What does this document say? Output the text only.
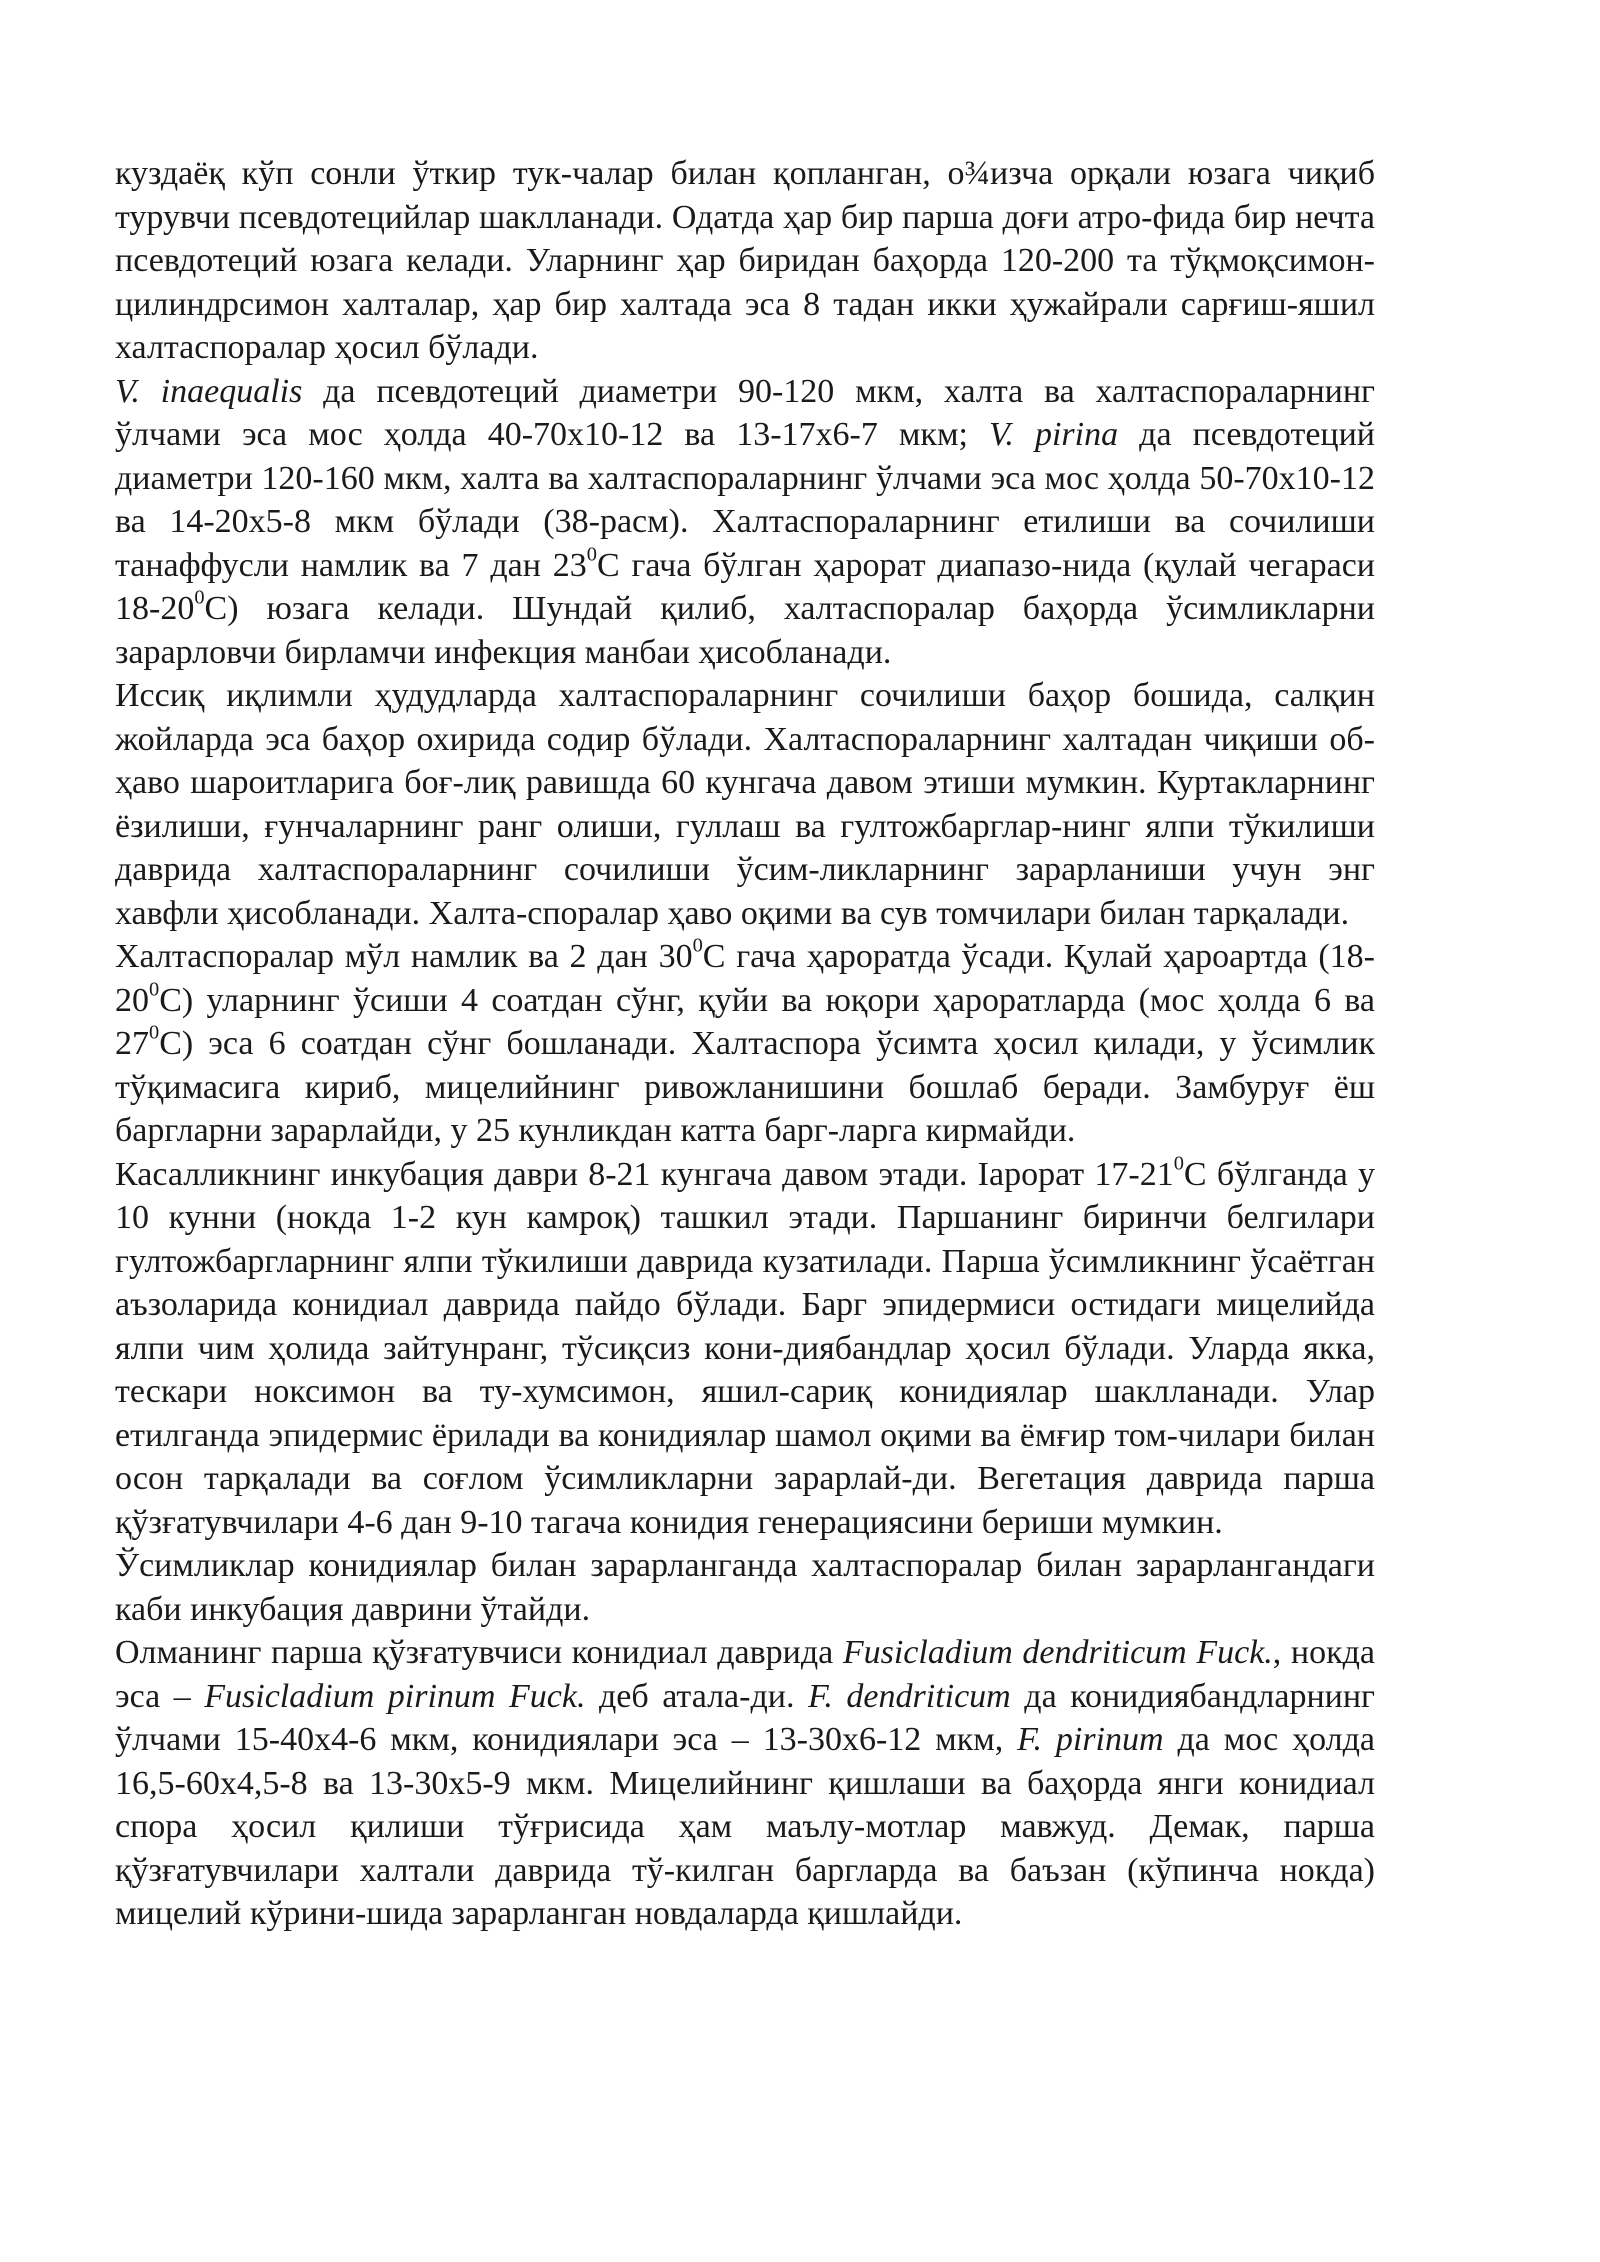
куздаёқ кўп сонли ўткир тук-чалар билан қопланган, о¾изча орқали юзага чиқиб турувчи псевдотецийлар шаклланади. Одатда ҳар бир парша доғи атро-фида бир нечта псевдотеций юзага келади. Уларнинг ҳар биридан баҳорда 120-200 та тўқмоқсимон-цилиндрсимон халталар, ҳар бир халтада эса 8 тадан икки ҳужайрали сарғиш-яшил халтаспоралар ҳосил бўлади.

V. inaequalis да псевдотеций диаметри 90-120 мкм, халта ва халтаспораларнинг ўлчами эса мос ҳолда 40-70х10-12 ва 13-17х6-7 мкм; V. pirina да псевдотеций диаметри 120-160 мкм, халта ва халтаспораларнинг ўлчами эса мос ҳолда 50-70х10-12 ва 14-20х5-8 мкм бўлади (38-расм). Халтаспораларнинг етилиши ва сочилиши танаффусли намлик ва 7 дан $23^0С$ гача бўлган ҳарорат диапазо-нида (қулай чегараси $18-20^0С$) юзага келади. Шундай қилиб, халтаспоралар баҳорда ўсимликларни зарарловчи бирламчи инфекция манбаи ҳисобланади.

Иссиқ иқлимли ҳудудларда халтаспораларнинг сочилиши баҳор бошида, салқин жойларда эса баҳор охирида содир бўлади. Халтаспораларнинг халтадан чиқиши об-ҳаво шароитларига боғ-лиқ равишда 60 кунгача давом этиши мумкин. Куртакларнинг ёзилиши, ғунчаларнинг ранг олиши, гуллаш ва гултожбарглар-нинг ялпи тўкилиши даврида халтаспораларнинг сочилиши ўсим-ликларнинг зарарланиши учун энг хавфли ҳисобланади. Халта-споралар ҳаво оқими ва сув томчилари билан тарқалади.

Халтаспоралар мўл намлик ва 2 дан $30^0С$ гача ҳароратда ўсади. Қулай ҳароартда $(18-20^0С)$ уларнинг ўсиши 4 соатдан сўнг, қуйи ва юқори ҳароратларда (мос ҳолда 6 ва $27^0С$) эса 6 соатдан сўнг бошланади. Халтаспора ўсимта ҳосил қилади, у ўсимлик тўқимасига кириб, мицелийнинг ривожланишини бошлаб беради. Замбуруғ ёш баргларни зарарлайди, у 25 кунликдан катта барг-ларга кирмайди.

Касалликнинг инкубация даври 8-21 кунгача давом этади. Іарорат $17-21^0С$ бўлганда у 10 кунни (нокда 1-2 кун камроқ) ташкил этади. Паршанинг биринчи белгилари гултожбаргларнинг ялпи тўкилиши даврида кузатилади. Парша ўсимликнинг ўсаётган аъзоларида конидиал даврида пайдо бўлади. Барг эпидермиси остидаги мицелийда ялпи чим ҳолида зайтунранг, тўсиқсиз кони-диябандлар ҳосил бўлади. Уларда якка, тескари ноксимон ва ту-хумсимон, яшил-сариқ конидиялар шаклланади. Улар етилганда эпидермис ёрилади ва конидиялар шамол оқими ва ёмғир том-чилари билан осон тарқалади ва соғлом ўсимликларни зарарлай-ди. Вегетация даврида парша қўзғатувчилари 4-6 дан 9-10 тагача конидия генерациясини бериши мумкин.

Ўсимликлар конидиялар билан зарарланганда халтаспоралар билан зарарлангандаги каби инкубация даврини ўтайди.

Олманинг парша қўзғатувчиси конидиал даврида Fusicladium dendriticum Fuck., нокда эса – Fusicladium pirinum Fuck. деб атала-ди. F. dendriticum да конидиябандларнинг ўлчами 15-40х4-6 мкм, конидиялари эса – 13-30х6-12 мкм, F. pirinum да мос ҳолда 16,5-60х4,5-8 ва 13-30х5-9 мкм. Мицелийнинг қишлаши ва баҳорда янги конидиал спора ҳосил қилиши тўғрисида ҳам маълу-мотлар мавжуд. Демак, парша қўзғатувчилари халтали даврида тў-килган баргларда ва баъзан (кўпинча нокда) мицелий кўрини-шида зарарланган новдаларда қишлайди.
